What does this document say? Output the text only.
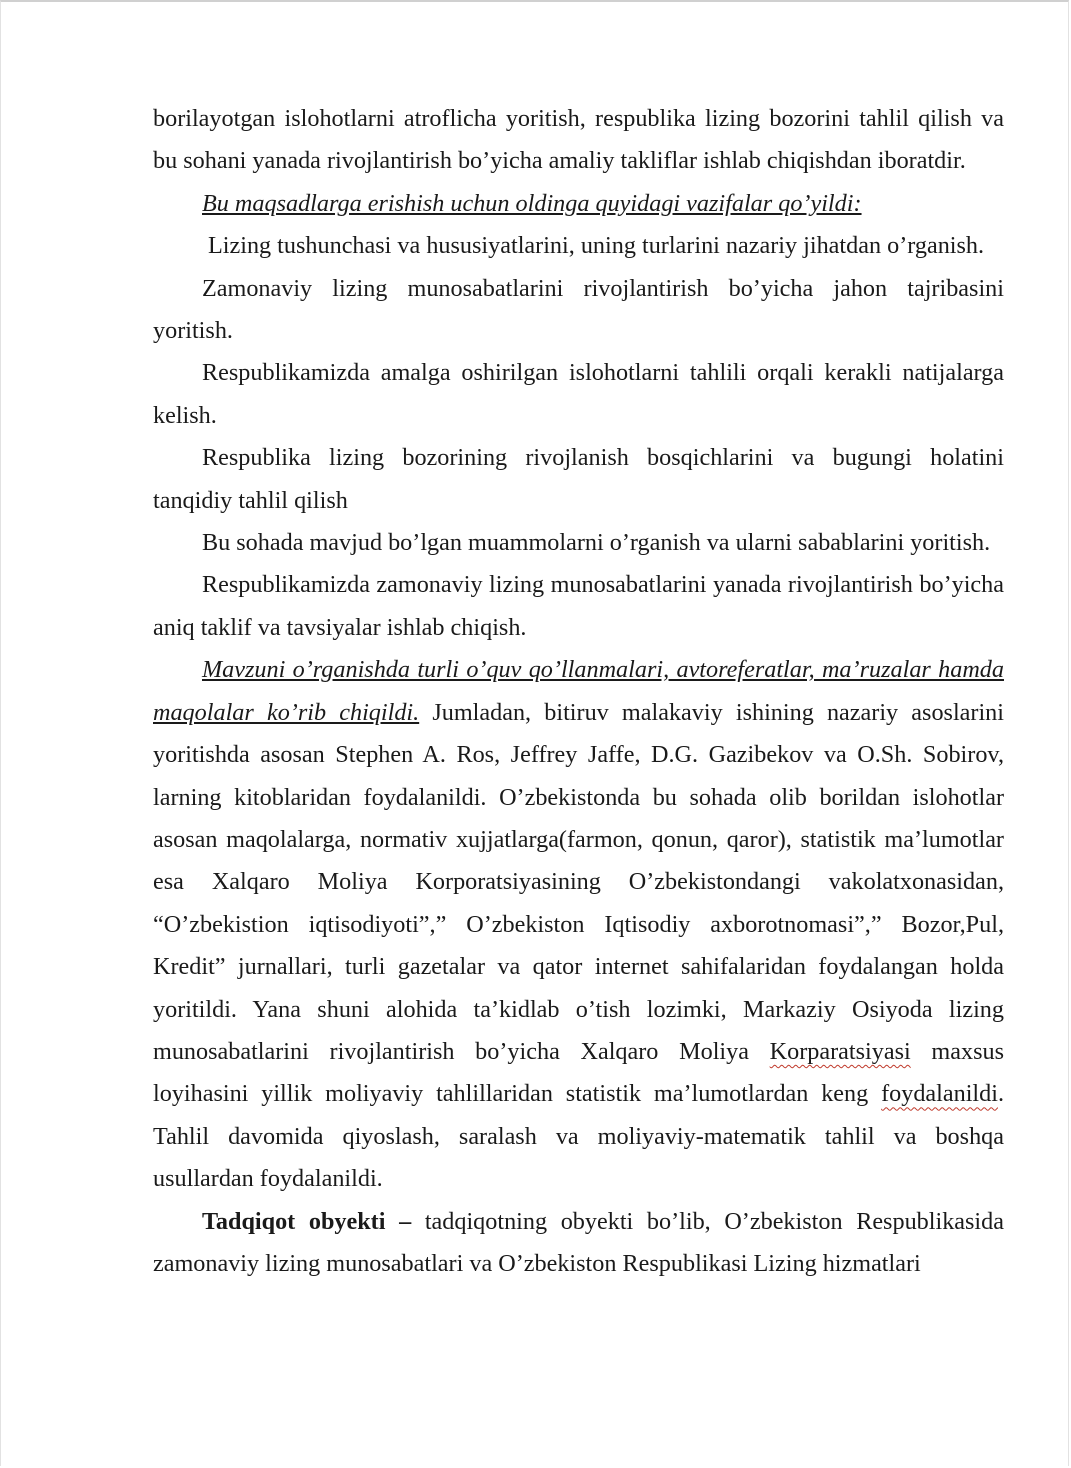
borilayotgan islohotlarni atroflicha yoritish, respublika lizing bozorini tahlil qilish va bu sohani yanada rivojlantirish bo’yicha amaliy takliflar ishlab chiqishdan iboratdir.

Bu maqsadlarga erishish uchun oldinga quyidagi vazifalar qo’yildi:

Lizing tushunchasi va hususiyatlarini, uning turlarini nazariy jihatdan o’rganish.

Zamonaviy lizing munosabatlarini rivojlantirish bo’yicha jahon tajribasini yoritish.

Respublikamizda amalga oshirilgan islohotlarni tahlili orqali kerakli natijalarga kelish.

Respublika lizing bozorining rivojlanish bosqichlarini va bugungi holatini tanqidiy tahlil qilish

Bu sohada mavjud bo’lgan muammolarni o’rganish va ularni sabablarini yoritish.

Respublikamizda zamonaviy lizing munosabatlarini yanada rivojlantirish bo’yicha aniq taklif va tavsiyalar ishlab chiqish.

Mavzuni o’rganishda turli o’quv qo’llanmalari, avtoreferatlar, ma’ruzalar hamda maqolalar ko’rib chiqildi. Jumladan, bitiruv malakaviy ishining nazariy asoslarini yoritishda asosan Stephen A. Ros, Jeffrey Jaffe, D.G. Gazibekov va O.Sh. Sobirov, larning kitoblaridan foydalanildi. O’zbekistonda bu sohada olib borildan islohotlar asosan maqolalarga, normativ xujjatlarga(farmon, qonun, qaror), statistik ma’lumotlar esa Xalqaro Moliya Korporatsiyasining O’zbekistondangi vakolatxonasidan, “O’zbekistion iqtisodiyoti”,” O’zbekiston Iqtisodiy axborotnomasi”,” Bozor,Pul, Kredit” jurnallari, turli gazetalar va qator internet sahifalaridan foydalangan holda yoritildi. Yana shuni alohida ta’kidlab o’tish lozimki, Markaziy Osiyoda lizing munosabatlarini rivojlantirish bo’yicha Xalqaro Moliya Korparatsiyasi maxsus loyihasini yillik moliyaviy tahlillaridan statistik ma’lumotlardan keng foydalanildi. Tahlil davomida qiyoslash, saralash va moliyaviy-matematik tahlil va boshqa usullardan foydalanildi.

Tadqiqot obyekti – tadqiqotning obyekti bo’lib, O’zbekiston Respublikasida zamonaviy lizing munosabatlari va O’zbekiston Respublikasi Lizing hizmatlari
